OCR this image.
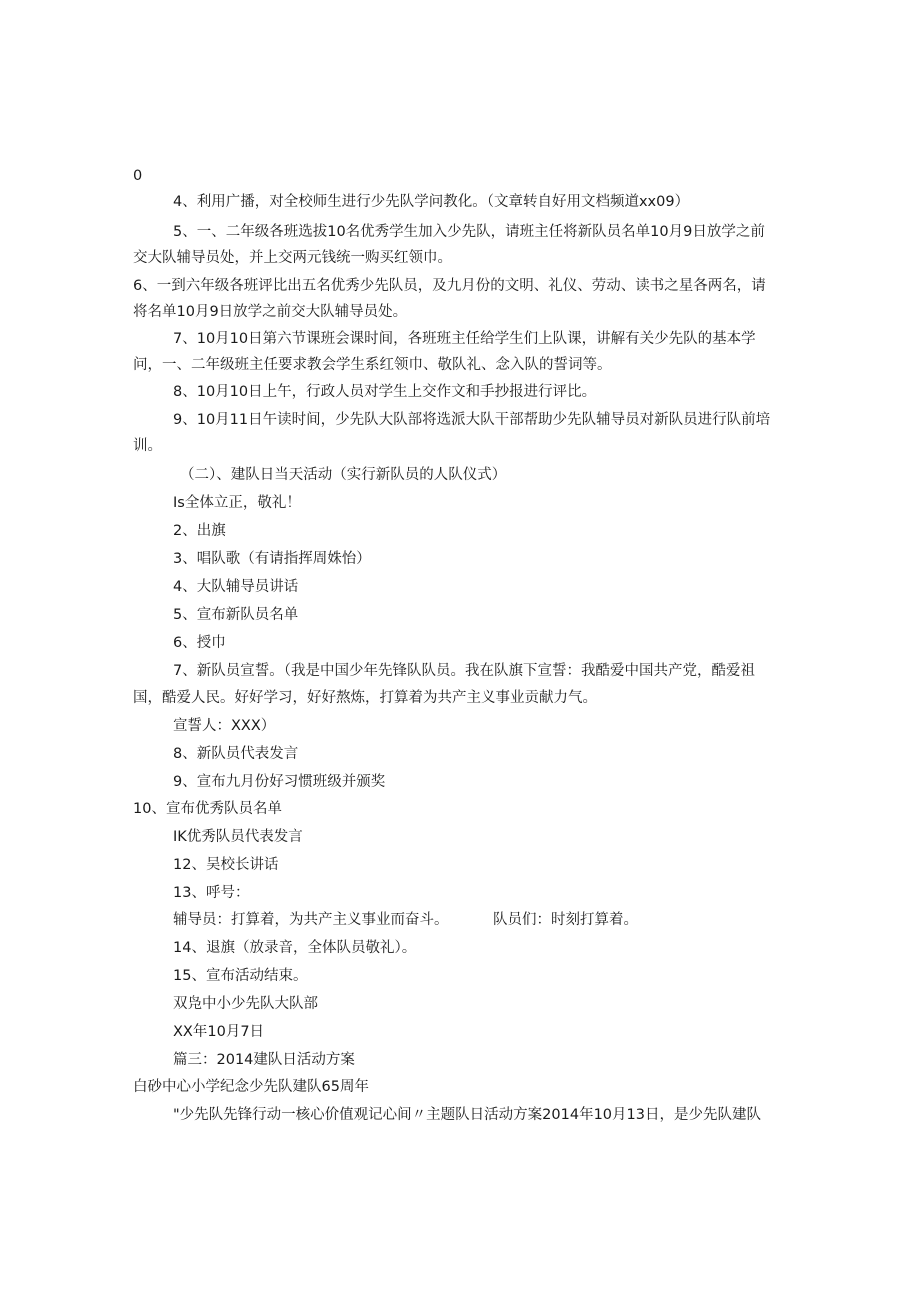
0
4、利用广播，对全校师生进行少先队学问教化。（文章转自好用文档频道xx09）
5、一、二年级各班选拔10名优秀学生加入少先队，请班主任将新队员名单10月9日放学之前
交大队辅导员处，并上交两元钱统一购买红领巾。
6、一到六年级各班评比出五名优秀少先队员，及九月份的文明、礼仪、劳动、读书之星各两名，请
将名单10月9日放学之前交大队辅导员处。
7、10月10日第六节课班会课时间，各班班主任给学生们上队课，讲解有关少先队的基本学
问，一、二年级班主任要求教会学生系红领巾、敬队礼、念入队的誓词等。
8、10月10日上午，行政人员对学生上交作文和手抄报进行评比。
9、10月11日午读时间，少先队大队部将选派大队干部帮助少先队辅导员对新队员进行队前培
训。
（二）、建队日当天活动（实行新队员的人队仪式）
Is全体立正，敬礼！
2、出旗
3、唱队歌（有请指挥周姝怡）
4、大队辅导员讲话
5、宣布新队员名单
6、授巾
7、新队员宣誓。（我是中国少年先锋队队员。我在队旗下宣誓：我酷爱中国共产党，酷爱祖
国，酷爱人民。好好学习，好好熬炼，打算着为共产主义事业贡献力气。
宣誓人：XXX）
8、新队员代表发言
9、宣布九月份好习惯班级并颁奖
10、宣布优秀队员名单
IK优秀队员代表发言
12、吴校长讲话
13、呼号：
辅导员：打算着，为共产主义事业而奋斗。	队员们：时刻打算着。
14、退旗（放录音，全体队员敬礼）。
15、宣布活动结束。
双凫中小少先队大队部
XX年10月7日
篇三：2014建队日活动方案
白砂中心小学纪念少先队建队65周年
"少先队先锋行动一核心价值观记心间〃主题队日活动方案2014年10月13日，是少先队建队
